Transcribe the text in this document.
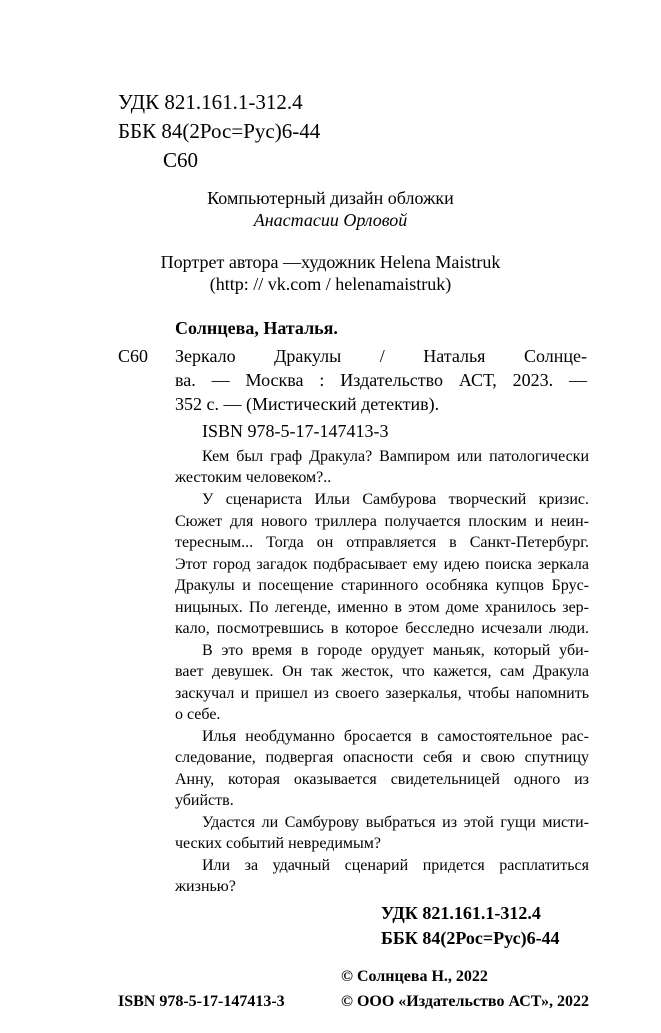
УДК 821.161.1-312.4
ББК 84(2Рос=Рус)6-44
С60
Компьютерный дизайн обложки
Анастасии Орловой
Портрет автора —художник Helena Maistruk
(http: // vk.com / helenamaistruk)
Солнцева, Наталья.
С60 Зеркало Дракулы / Наталья Солнце-
ва. — Москва : Издательство АСТ, 2023. —
352 с. — (Мистический детектив).
ISBN 978-5-17-147413-3
Кем был граф Дракула? Вампиром или патологически
жестоким человеком?..
У сценариста Ильи Самбурова творческий кризис.
Сюжет для нового триллера получается плоским и неин-
тересным... Тогда он отправляется в Санкт-Петербург.
Этот город загадок подбрасывает ему идею поиска зеркала
Дракулы и посещение старинного особняка купцов Брус-
ницыных. По легенде, именно в этом доме хранилось зер-
кало, посмотревшись в которое бесследно исчезали люди.
В это время в городе орудует маньяк, который уби-
вает девушек. Он так жесток, что кажется, сам Дракула
заскучал и пришел из своего зазеркалья, чтобы напомнить
о себе.
Илья необдуманно бросается в самостоятельное рас-
следование, подвергая опасности себя и свою спутницу
Анну, которая оказывается свидетельницей одного из
убийств.
Удастся ли Самбурову выбраться из этой гущи мисти-
ческих событий невредимым?
Или за удачный сценарий придется расплатиться
жизнью?
УДК 821.161.1-312.4
ББК 84(2Рос=Рус)6-44
© Солнцева Н., 2022
© ООО «Издательство АСТ», 2022
ISBN 978-5-17-147413-3
